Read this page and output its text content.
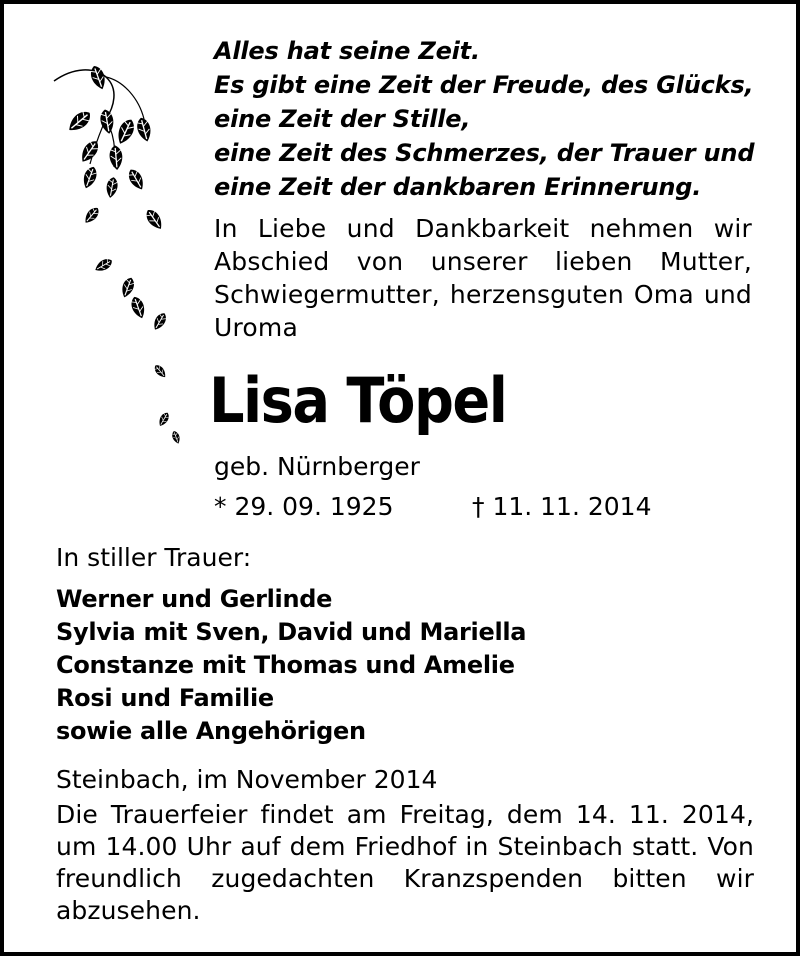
Alles hat seine Zeit.
Es gibt eine Zeit der Freude, des Glücks,
eine Zeit der Stille,
eine Zeit des Schmerzes, der Trauer und
eine Zeit der dankbaren Erinnerung.
In Liebe und Dankbarkeit nehmen wir Abschied von unserer lieben Mutter, Schwiegermutter, herzensguten Oma und Uroma
Lisa Töpel
geb. Nürnberger
* 29. 09. 1925	† 11. 11. 2014
In stiller Trauer:
Werner und Gerlinde
Sylvia mit Sven, David und Mariella
Constanze mit Thomas und Amelie
Rosi und Familie
sowie alle Angehörigen
Steinbach, im November 2014
Die Trauerfeier findet am Freitag, dem 14. 11. 2014, um 14.00 Uhr auf dem Friedhof in Steinbach statt. Von freundlich zugedachten Kranzspenden bitten wir abzusehen.
